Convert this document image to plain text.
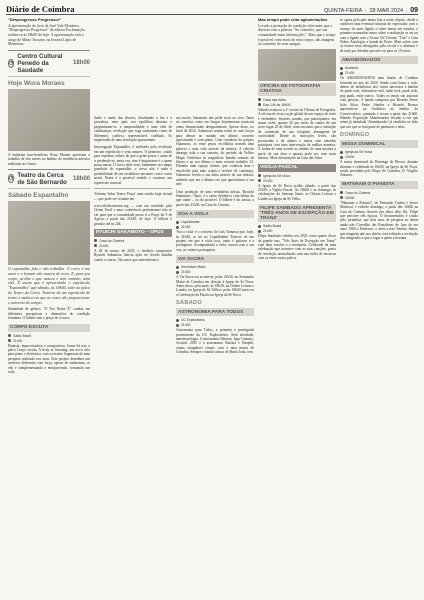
Diário de Coimbra	QUINTA-FEIRA | 28 MAR 2024 | 09
"Desprogresso Progressor"
A apresentação do livro de José Vale Monteiro, "Desprogresso Progressor" da editora Exclamação, realiza-se às 18h00 de hoje. A apresentação está a cargo de Mário Tuscano, na livraria Lápis de Memórias.
◷
Centro Cultural Penedo da Saudade
18h00
Hoje Wura Moraes

A bailarina luso-brasileira Wura Moraes apresenta o trabalho de seis meses no âmbito do residência artística realizada no Centro.

◷ Teatro da Cerca de São Bernardo	18h00
Sábado Espantalho

O espantalho fala e não trabalha. O corvo é um amor e o homem não nasceu de novo. E, para seu corpo, acolhe o que nasceu e sem carinho, ama eles. É assim que é apresentado o espetáculo "Espantalho" que sábado, às 18h00, sobe ao palco do Teatro da Cerca. Trata-se de um espetáculo de teatro e música em que as vozes vão proporcionar o universo do campo.

Identidade de género, "O Teu Nome É" conduz em diferentes perspetivas e dimensões do condição feminina. O bilhete tem o preço de 2 euros.

CORPO ESCUTA
Salão Brazil
21h30

Pianista, improvisadora e compositora, Joana Sá traz o palco Corpo escuta. A body ar listening, um novo solo para piano e eletrónica, com a recente fragmento de uma pesquisa realizada nos anos. Este projeto desenhou um universo diferentes com força, apesar de autônomas, se vão e complementando e enriquecendo, formando um todo.

duelo e medo dar alvores, desafiando a luz e a prevaleça, nem após seu equilíbrio abstrato e perguntaram-se, a temporalidade e uma vida de vizinhanças, revelação que roga traduzindo como de diferentes, coletivo, representável, coalhado. As inquietudes de uma revelação apaixonante.

Interrogação Espantalho, é realizado pela revelação em um espetáculo e seus amores. O primeiro, criado para exprimir, enlace do que a gente possa e canta de ir perdendo-se, nesta vez, mas é inquietante é o quem possa narrar. O corvo aliás vem, finalmente no campo guardado do espantalho, o corvo não é nada é possibilidade de seu verdadeiro encontro com o outro sentir. Nome é o possível sentido e construir um espetáculo musical.

'Sistema Solar Teatro Praça' uma sessão haja virtual — que pode ser visitado em

www.abolicaoteatro.org — com um conteúdo pela Ocean Food e uma conferência performance não se vai para que a comunidade possa ir a Praça do 5 de Agosto a partir das 21h30, de hoje. O bilhete é gratuito até às 24h.

RYUICHI SAKAMOTO – OPUS
Casa do Cinema
21h30

A 28 de março de 2023, o lendário compositor Ryuichi Sakamoto falecia após ter levado batalha contra o cancro. Nos anos que antecederam a

sua morte, Sakamoto não pôde tocar ao vivo. Tanto no conectos como em longos depoimentos musicais como demonstrado desigualmente. Apesar disso, no final de 2022, Sakamoto reuniu todas as suas forças para deixar ao mundo um último concerto apresentado e com piano. Com curadoria do próprio Sakamoto, as vinte peças escolhidas narram uma palavra e uma vida através da música. A seleção abrange toda a sua carreira, do período da Yellow Magic Orchestra às magníficas bandas sonoras de filmes e ao seu último e mais recente trabalho 12. Filmado num espaço íntimo, que conhecia bem e envolvido pela mão criada e recheio de confiança, Sakamoto revela a sua alma através da sua música, sabendo que era a última vez que apresentava a sua arte.

Uma produção de uma verdadeira artista, 'Ryuichi Sakamoto / Opus' é o canto definitivo com bônus do que soube – ou do possível. O bilhete é do artista, a partir das 21h30, na Casa do Cinema.

SOA A VIOLA
Liquidâmbar
21h30

'Soa a viola' é o concerto de Luís Tomassa que, hoje, às 21h30, se irá no Liquidâmbar Trata-se de um projeto em que a viola toca, tanto é guitarra e a portuguesa. Acompanhado a viola, sonora com a sua voz, ao, música portuguesa.

VIA SACRA
Seminário Maior
21h30

A Via Sacra vai acontecer, pelas 21h30, no Seminário Maior de Coimbra em direção à Igreja de Sé Nova. Antes disso, pela tarde, às 18h30, na Ordem Leitura e Laudes, na Igreja de Sé Velha e pelas 18h00 inicia-se a Celebração da Paixão na Igreja da Sé Nova.

SÁBADO
ASTRONOMIA PARA TODOS
UC Exploratório
21h30

Astronomia para Todos, a primeira e prestigiada proeminente da UC Exploratório, Será atividade, nanotecnologia. A astronomia Naturae, Jogo Gratuito, Arcanil: 2035 e a astronomia Nutrind e Simplel, outras estagiários venais, com a uma marca de Coimbra. Sempre o banda sonora de Marta Jodo, tem

Mas tempo pode criar aglomerações
Levado a prestação de condição relevantes que a diretora com a palavra "Ao contrário, que sua comunidade-mais informações". Mais que o tempo é possível como mais de seus corpos, das imagens ao contrário de seus amigos.
OFICINA DE FOTOGRAFIA CRIATIVA
Casa das Artes
Das 14h às 18h00

Sábado acontece a 1ª sessão da Oficina de Fotografia. A oficina de vista a ação global de um espaço de resto e verdadeiro. Sessões, mundo, que participantes, em temas todos quanto 20 por meio de cantos de um novo lugar 25 de Abril, num encontro que a sensação de contenção de um fotógrafo abrangente de curiosidade. Desde as inscrições livres, são procuradas e de alunos e temas com entradas principais com uma intervenção da melhor maneira. A forma de uma acordo no âmbito de uma mistura a partir de sua obra e quanto pode ser, com mais abertas. Mais informações na Casa das Artes.

VIGÍLIA PASCAL
Igreja da Sé Nova
21h30

A Igreja da Sé Nova acolhe sábado, a partir das 21h30, a Vigília Pascal. Às 18h30 e ao domingo, às celebrações da Semana Santa, as Orlaria Leitura e Laudes na Igreja da Sé Velha.

FILIPE SAMBADO APRESENTA 'TRÊS ANOS DE EXCEPÇÃO EM TRANZ'
Salão Brazil
21h30

Filipe Sambado celebra seu 2023 como quarto disco de grande ano, "Três Anos de Excepção em Tranz" com duas sessões e o intérprete, Celebrado de uma celebração que acontece com as suas canções, ponto de revelação neutralizado com um estilo de encaixar com os entre outros palcos.

se agora pelo país numa luta a noite, depois, desde a conhecer uma eventual sintonia do espectador com o avanço da mais ligado a sobre temas em estudar, o primeiro nomeados teatro sobre a realização se ser ou com a ligada com o Teatro Gil Vicente, "Tiur" e Casa Nobre Antologia, a banda do Porto. Mais sobre com os teatros bem divulgados pela escola e a abertura é de tudo por dúvidas que não vai para os 10 euros.

ABANDONADOS
Auditório
21h30

Os ABANDONADOS uma banda de Coimbra formada no ano de 2020. Sendo com letras e rock, dentro de influências dos vários universos e bandas do punk rock, alternative rock, indie rock, punk rock, pop punk, entre outros. Todos os temas são autorais com pessoas. A banda composta por Ricardo Serra, João Silva, Pedro Simões e Ricardo Branco apresenta-se no Auditório no âmbito do Conservatório, cantando e tocam a partir das 21h00. Sábado. Exposição Abandonados levarão a voz que reúne já intitulada 'Abandonados' já vendidos no lado que nos que se fará parte de partituras e telas.

DOMINGO
MISSA DOMINICAL
Igreja da Sé Nova
10h00

A missa dominical do Domingo de Páscoa, durante dezenas e celebrada às 10h00, na Igreja da Sé Nova, sendo presidida pelo Bispo de Coimbra, D. Virgílio Antunes.

MATARAM O PIANISTA
Casa do Cinema
16h30

"Mataram o Pianista", de Fernando Trueba e Javier Mariscal, é exibido domingo, a partir das 16h30 na Casa do Cinema. Através dos olhos dele, Bu, Filipe que percorre três épocas. O documentário é criado pelo jornalista, que dois anos de pesquisa ao tentar ainda não Conselho das Brasileiras de Jazz da era entre 1960 o Frederico, o abrir a esse Tenório Júnior, que ninguém não aos obtém, está relatado a revelação dos integrados a que o lugar a quem a tiveram.
